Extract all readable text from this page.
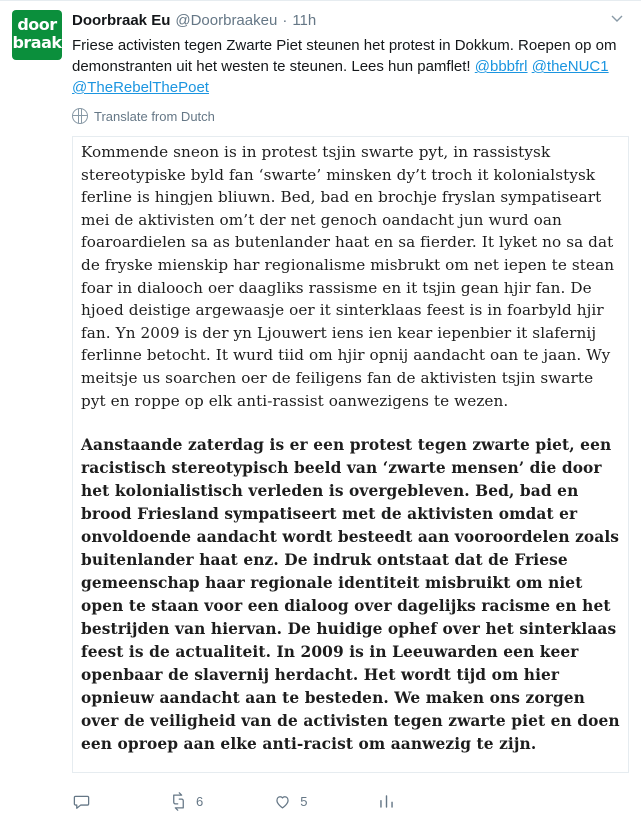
door
braak
Doorbraak Eu @Doorbraakeu · 11h
Friese activisten tegen Zwarte Piet steunen het protest in Dokkum. Roepen op om demonstranten uit het westen te steunen. Lees hun pamflet! @bbbfrl @theNUC1 @TheRebelThePoet
Translate from Dutch

Kommende sneon is in protest tsjin swarte pyt, in rassistysk stereotypiske byld fan ‘swarte’ minsken dy’t troch it kolonialstysk ferline is hingjen bliuwn. Bed, bad en brochje fryslan sympatiseart mei de aktivisten om’t der net genoch oandacht jun wurd oan foaroardielen sa as butenlander haat en sa fierder. It lyket no sa dat de fryske mienskip har regionalisme misbrukt om net iepen te stean foar in dialooch oer daagliks rassisme en it tsjin gean hjir fan. De hjoed deistige argewaasje oer it sinterklaas feest is in foarbyld hjir fan. Yn 2009 is der yn Ljouwert iens ien kear iepenbier it slafernij ferlinne betocht. It wurd tiid om hjir opnij aandacht oan te jaan. Wy meitsje us soarchen oer de feiligens fan de aktivisten tsjin swarte pyt en roppe op elk anti-rassist oanwezigens te wezen.

Aanstaande zaterdag is er een protest tegen zwarte piet, een racistisch stereotypisch beeld van ‘zwarte mensen’ die door het kolonialistisch verleden is overgebleven. Bed, bad en brood Friesland sympatiseert met de aktivisten omdat er onvoldoende aandacht wordt besteedt aan vooroordelen zoals buitenlander haat enz. De indruk ontstaat dat de Friese gemeenschap haar regionale identiteit misbruikt om niet open te staan voor een dialoog over dagelijks racisme en het bestrijden van hiervan. De huidige ophef over het sinterklaas feest is de actualiteit. In 2009 is in Leeuwarden een keer openbaar de slavernij herdacht. Het wordt tijd om hier opnieuw aandacht aan te besteden. We maken ons zorgen over de veiligheid van de activisten tegen zwarte piet en doen een oproep aan elke anti-racist om aanwezig te zijn.

6	5
